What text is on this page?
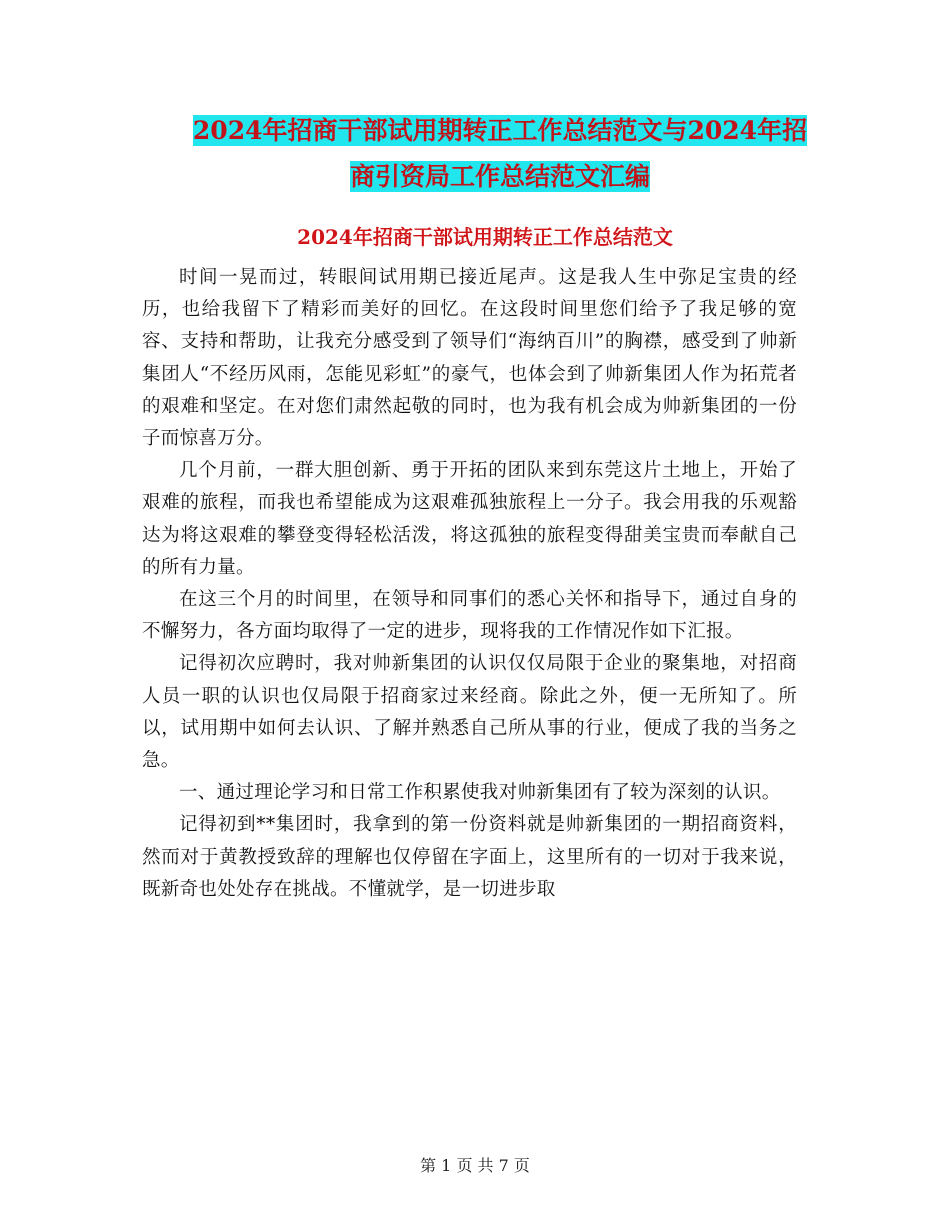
2024年招商干部试用期转正工作总结范文与2024年招
商引资局工作总结范文汇编
2024年招商干部试用期转正工作总结范文

时间一晃而过，转眼间试用期已接近尾声。这是我人生中弥足宝贵的经历，也给我留下了精彩而美好的回忆。在这段时间里您们给予了我足够的宽容、支持和帮助，让我充分感受到了领导们“海纳百川”的胸襟，感受到了帅新集团人“不经历风雨，怎能见彩虹”的豪气，也体会到了帅新集团人作为拓荒者的艰难和坚定。在对您们肃然起敬的同时，也为我有机会成为帅新集团的一份子而惊喜万分。

几个月前，一群大胆创新、勇于开拓的团队来到东莞这片土地上，开始了艰难的旅程，而我也希望能成为这艰难孤独旅程上一分子。我会用我的乐观豁达为将这艰难的攀登变得轻松活泼，将这孤独的旅程变得甜美宝贵而奉献自己的所有力量。

在这三个月的时间里，在领导和同事们的悉心关怀和指导下，通过自身的不懈努力，各方面均取得了一定的进步，现将我的工作情况作如下汇报。

记得初次应聘时，我对帅新集团的认识仅仅局限于企业的聚集地，对招商人员一职的认识也仅局限于招商家过来经商。除此之外，便一无所知了。所以，试用期中如何去认识、了解并熟悉自己所从事的行业，便成了我的当务之急。

一、通过理论学习和日常工作积累使我对帅新集团有了较为深刻的认识。

记得初到**集团时，我拿到的第一份资料就是帅新集团的一期招商资料，然而对于黄教授致辞的理解也仅停留在字面上，这里所有的一切对于我来说，既新奇也处处存在挑战。不懂就学，是一切进步取

第 1 页 共 7 页
